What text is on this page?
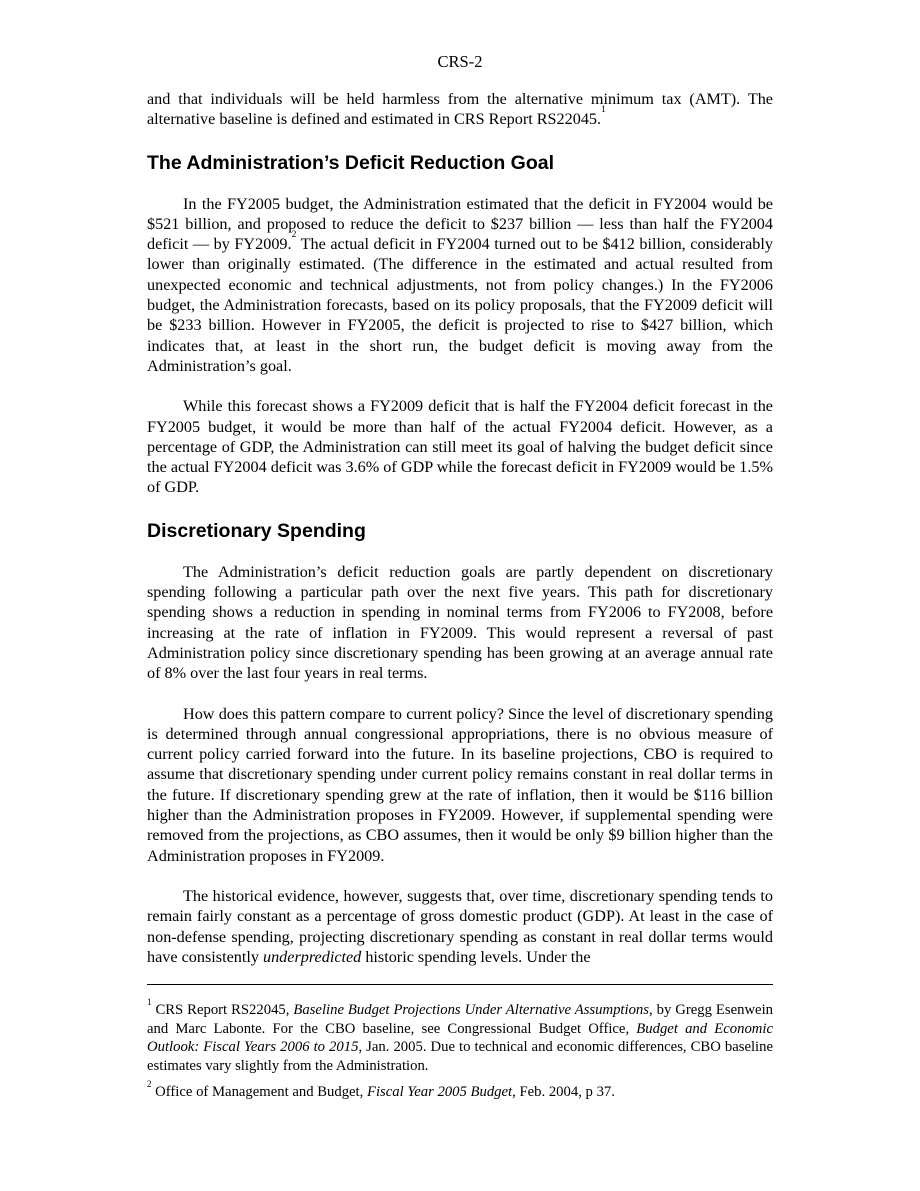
CRS-2

and that individuals will be held harmless from the alternative minimum tax (AMT). The alternative baseline is defined and estimated in CRS Report RS22045.$^1$

The Administration’s Deficit Reduction Goal

In the FY2005 budget, the Administration estimated that the deficit in FY2004 would be $521 billion, and proposed to reduce the deficit to $237 billion — less than half the FY2004 deficit — by FY2009.$^2$ The actual deficit in FY2004 turned out to be $412 billion, considerably lower than originally estimated. (The difference in the estimated and actual resulted from unexpected economic and technical adjustments, not from policy changes.) In the FY2006 budget, the Administration forecasts, based on its policy proposals, that the FY2009 deficit will be $233 billion. However in FY2005, the deficit is projected to rise to $427 billion, which indicates that, at least in the short run, the budget deficit is moving away from the Administration’s goal.

While this forecast shows a FY2009 deficit that is half the FY2004 deficit forecast in the FY2005 budget, it would be more than half of the actual FY2004 deficit. However, as a percentage of GDP, the Administration can still meet its goal of halving the budget deficit since the actual FY2004 deficit was 3.6% of GDP while the forecast deficit in FY2009 would be 1.5% of GDP.

Discretionary Spending

The Administration’s deficit reduction goals are partly dependent on discretionary spending following a particular path over the next five years. This path for discretionary spending shows a reduction in spending in nominal terms from FY2006 to FY2008, before increasing at the rate of inflation in FY2009. This would represent a reversal of past Administration policy since discretionary spending has been growing at an average annual rate of 8% over the last four years in real terms.

How does this pattern compare to current policy? Since the level of discretionary spending is determined through annual congressional appropriations, there is no obvious measure of current policy carried forward into the future. In its baseline projections, CBO is required to assume that discretionary spending under current policy remains constant in real dollar terms in the future. If discretionary spending grew at the rate of inflation, then it would be $116 billion higher than the Administration proposes in FY2009. However, if supplemental spending were removed from the projections, as CBO assumes, then it would be only $9 billion higher than the Administration proposes in FY2009.

The historical evidence, however, suggests that, over time, discretionary spending tends to remain fairly constant as a percentage of gross domestic product (GDP). At least in the case of non-defense spending, projecting discretionary spending as constant in real dollar terms would have consistently underpredicted historic spending levels. Under the

$^1$ CRS Report RS22045, Baseline Budget Projections Under Alternative Assumptions, by Gregg Esenwein and Marc Labonte. For the CBO baseline, see Congressional Budget Office, Budget and Economic Outlook: Fiscal Years 2006 to 2015, Jan. 2005. Due to technical and economic differences, CBO baseline estimates vary slightly from the Administration.

$^2$ Office of Management and Budget, Fiscal Year 2005 Budget, Feb. 2004, p 37.
